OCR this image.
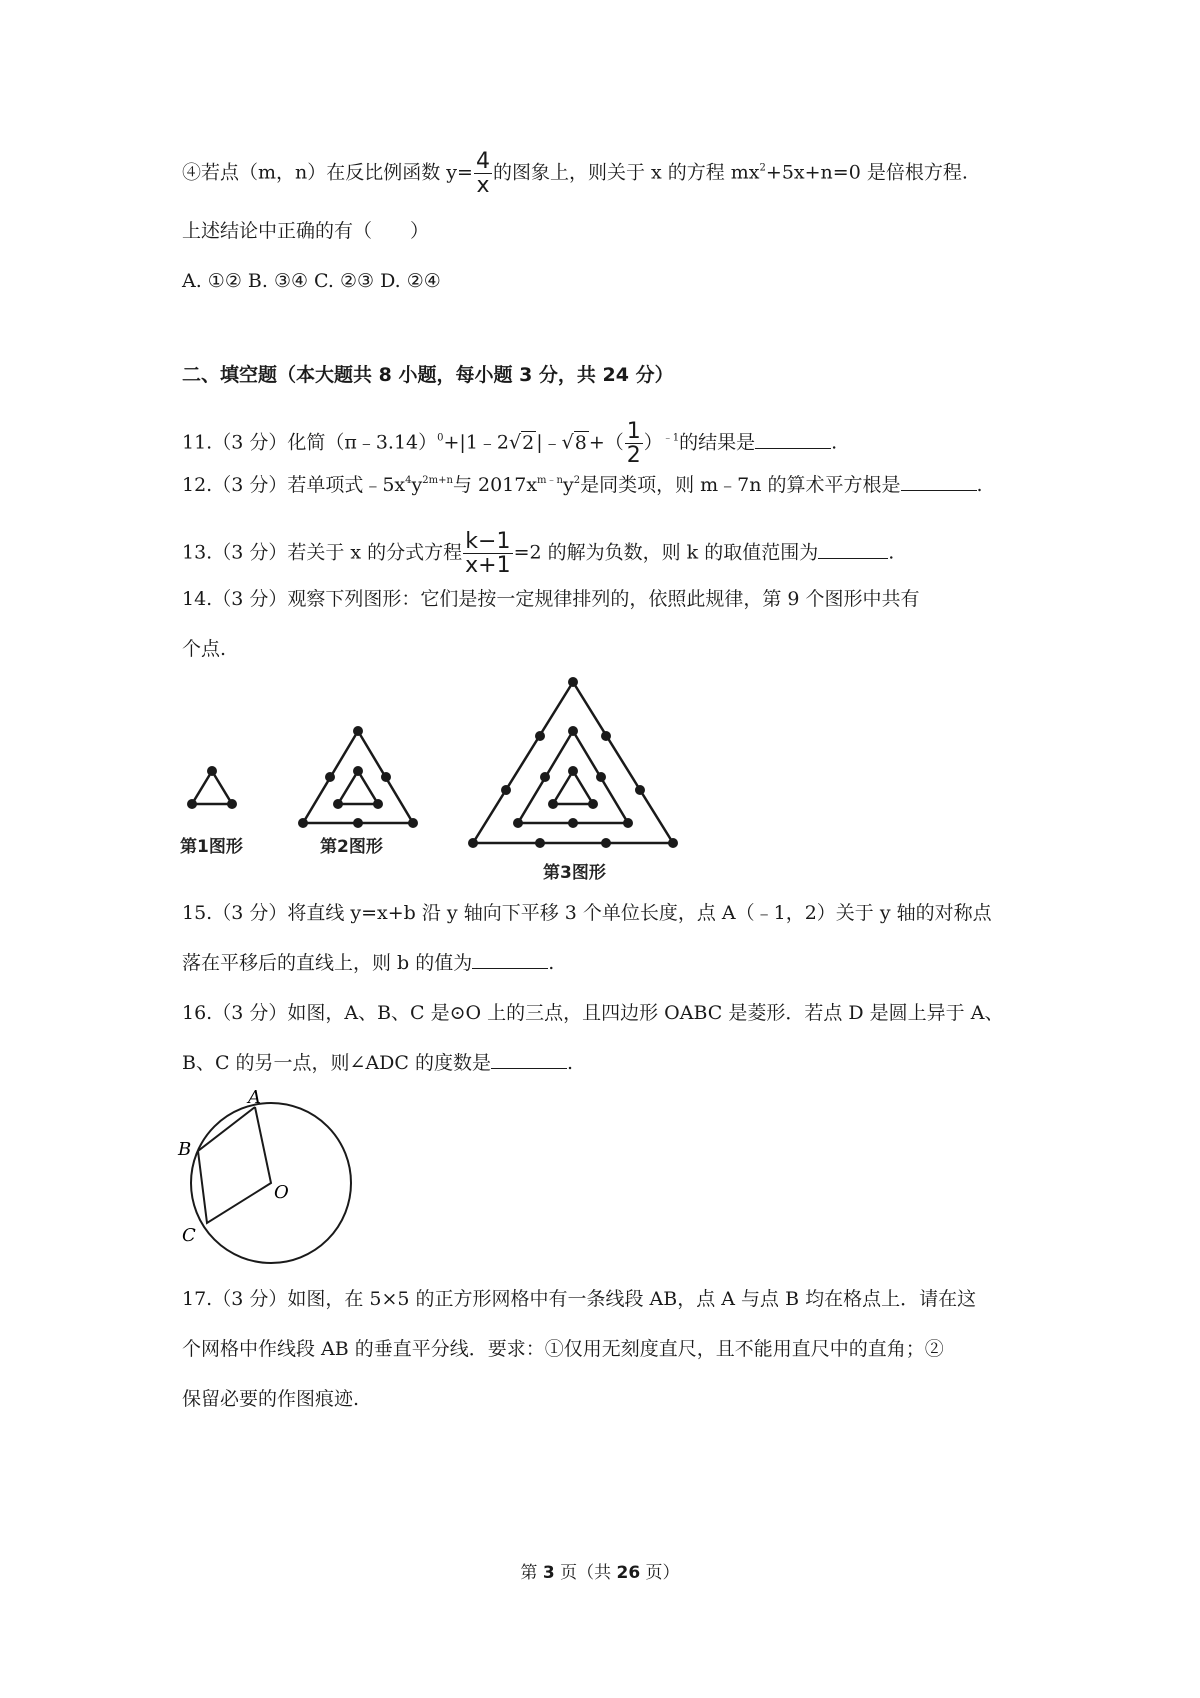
④若点（m，n）在反比例函数 $y= \frac{4}{x}$ 的图象上，则关于 x 的方程 $mx^2+5x+n=0$ 是倍根方程.
上述结论中正确的有（　　）
A. ①② B. ③④ C. ②③ D. ②④
二、填空题（本大题共 8 小题，每小题 3 分，共 24 分）
11.（3 分）化简（π﹣3.14）$^0$+|1﹣2√2 |﹣√8 +（ $\frac{1}{2} )^{﹣1}$的结果是	.
12.（3 分）若单项式$﹣5x^4y^{2m+n}$与 $2017x^{m﹣n}y^2$是同类项，则 m﹣7n 的算术平方根是	.
13.（3 分）若关于 x 的分式方程 $\frac{k-1}{x+1} =2$ 的解为负数，则 k 的取值范围为	.
14.（3 分）观察下列图形：它们是按一定规律排列的，依照此规律，第 9 个图形中共有
个点.
第1图形	第2图形
第3图形
15.（3 分）将直线 y=x+b 沿 y 轴向下平移 3 个单位长度，点 A（﹣1，2）关于 y 轴的对称点
落在平移后的直线上，则 b 的值为	.
16.（3 分）如图，A、B、C 是⊙O 上的三点，且四边形 OABC 是菱形．若点 D 是圆上异于 A、
B、C 的另一点，则∠ADC 的度数是	.
A
B
C
O
17.（3 分）如图，在 5×5 的正方形网格中有一条线段 AB，点 A 与点 B 均在格点上．请在这
个网格中作线段 AB 的垂直平分线．要求：①仅用无刻度直尺，且不能用直尺中的直角；②
保留必要的作图痕迹.
第 3 页（共 26 页）
